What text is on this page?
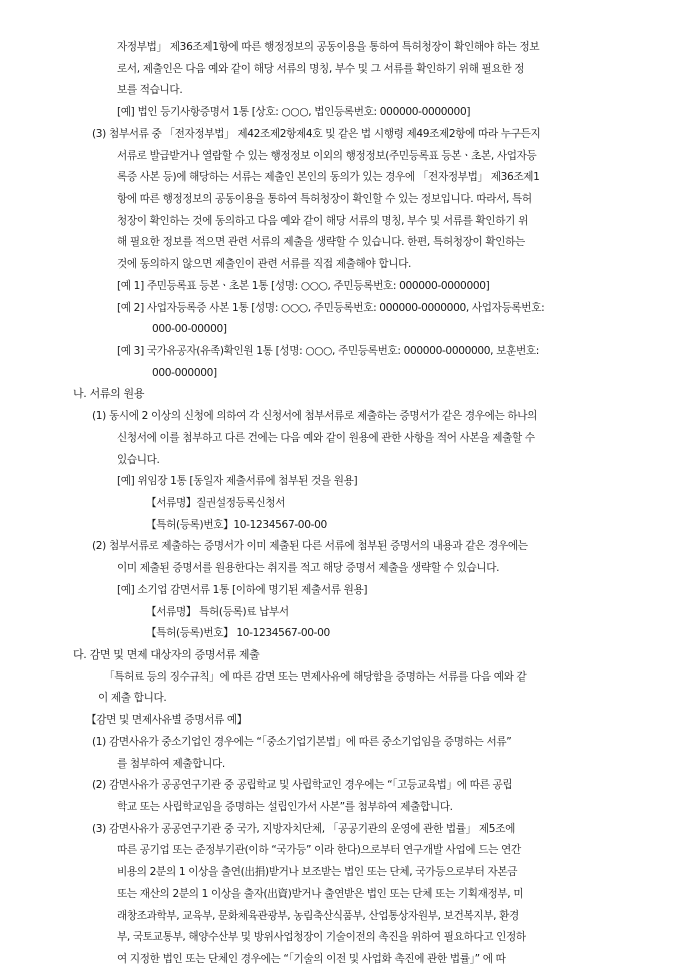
자정부법」 제36조제1항에 따른 행정정보의 공동이용을 통하여 특허청장이 확인해야 하는 정보

로서, 제출인은 다음 예와 같이 해당 서류의 명칭, 부수 및 그 서류를 확인하기 위해 필요한 정

보를 적습니다.

[예] 법인 등기사항증명서 1통 [상호: ○○○, 법인등록번호: 000000-0000000]

(3) 첨부서류 중 「전자정부법」 제42조제2항제4호 및 같은 법 시행령 제49조제2항에 따라 누구든지

서류로 발급받거나 열람할 수 있는 행정정보 이외의 행정정보(주민등록표 등본ㆍ초본, 사업자등

록증 사본 등)에 해당하는 서류는 제출인 본인의 동의가 있는 경우에 「전자정부법」 제36조제1

항에 따른 행정정보의 공동이용을 통하여 특허청장이 확인할 수 있는 정보입니다. 따라서, 특허

청장이 확인하는 것에 동의하고 다음 예와 같이 해당 서류의 명칭, 부수 및 서류를 확인하기 위

해 필요한 정보를 적으면 관련 서류의 제출을 생략할 수 있습니다. 한편, 특허청장이 확인하는

것에 동의하지 않으면 제출인이 관련 서류를 직접 제출해야 합니다.

[예 1] 주민등록표 등본ㆍ초본 1통 [성명: ○○○, 주민등록번호: 000000-0000000]

[예 2] 사업자등록증 사본 1통 [성명: ○○○, 주민등록번호: 000000-0000000, 사업자등록번호:

000-00-00000]

[예 3] 국가유공자(유족)확인원 1통 [성명: ○○○, 주민등록번호: 000000-0000000, 보훈번호:

000-000000]

나. 서류의 원용

(1) 동시에 2 이상의 신청에 의하여 각 신청서에 첨부서류로 제출하는 증명서가 같은 경우에는 하나의

신청서에 이를 첨부하고 다른 건에는 다음 예와 같이 원용에 관한 사항을 적어 사본을 제출할 수

있습니다.

[예] 위임장 1통 [동일자 제출서류에 첨부된 것을 원용]

【서류명】질권설정등록신청서

【특허(등록)번호】10-1234567-00-00

(2) 첨부서류로 제출하는 증명서가 이미 제출된 다른 서류에 첨부된 증명서의 내용과 같은 경우에는

이미 제출된 증명서를 원용한다는 취지를 적고 해당 증명서 제출을 생략할 수 있습니다.

[예] 소기업 감면서류 1통 [이하에 명기된 제출서류 원용]

【서류명】 특허(등록)료 납부서

【특허(등록)번호】 10-1234567-00-00

다. 감면 및 면제 대상자의 증명서류 제출

「특허료 등의 징수규칙」에 따른 감면 또는 면제사유에 해당함을 증명하는 서류를 다음 예와 같

이 제출 합니다.

【감면 및 면제사유별 증명서류 예】

(1) 감면사유가 중소기업인 경우에는 “「중소기업기본법」에 따른 중소기업임을 증명하는 서류”

를 첨부하여 제출합니다.

(2) 감면사유가 공공연구기관 중 공립학교 및 사립학교인 경우에는 “「고등교육법」에 따른 공립

학교 또는 사립학교임을 증명하는 설립인가서 사본”를 첨부하여 제출합니다.

(3) 감면사유가 공공연구기관 중 국가, 지방자치단체, 「공공기관의 운영에 관한 법률」 제5조에

따른 공기업 또는 준정부기관(이하 “국가등” 이라 한다)으로부터 연구개발 사업에 드는 연간

비용의 2분의 1 이상을 출연(出捐)받거나 보조받는 법인 또는 단체, 국가등으로부터 자본금

또는 재산의 2분의 1 이상을 출자(出資)받거나 출연받은 법인 또는 단체 또는 기획재정부, 미

래창조과학부, 교육부, 문화체육관광부, 농림축산식품부, 산업통상자원부, 보건복지부, 환경

부, 국토교통부, 해양수산부 및 방위사업청장이 기술이전의 촉진을 위하여 필요하다고 인정하

여 지정한 법인 또는 단체인 경우에는 “「기술의 이전 및 사업화 촉진에 관한 법률」” 에 따
